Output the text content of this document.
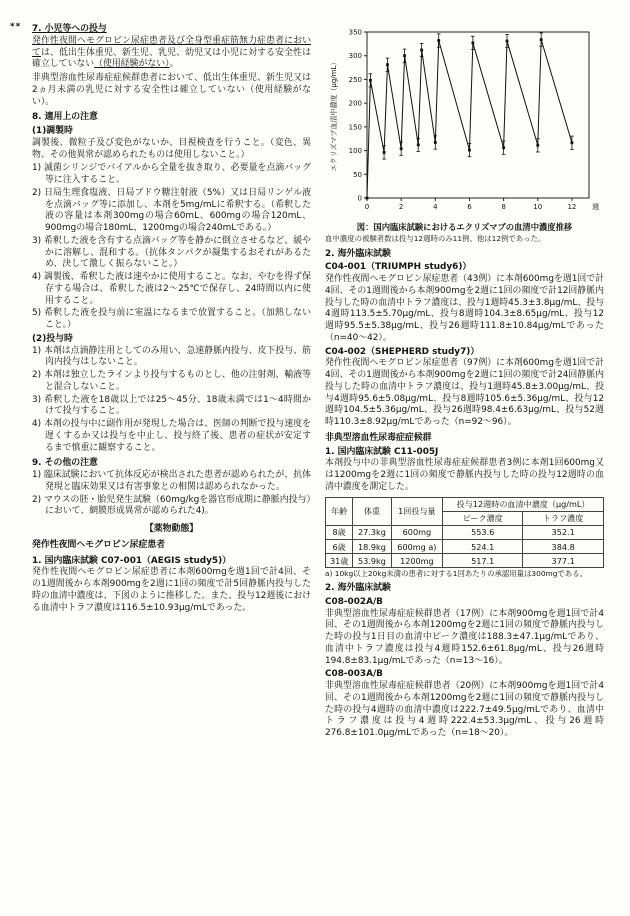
** 7. 小児等への投与

発作性夜間ヘモグロビン尿症患者及び全身型重症筋無力症患者においては、低出生体重児、新生児、乳児、幼児又は小児に対する安全性は確立していない（使用経験がない）。

非典型溶血性尿毒症症候群患者において、低出生体重児、新生児又は2ヵ月未満の乳児に対する安全性は確立していない（使用経験がない）。

8. 適用上の注意
(1)調製時

調製後、微粒子及び変色がないか、目視検査を行うこと。（変色、異物、その他異常が認められたものは使用しないこと。）

1) 滅菌シリンジでバイアルから全量を抜き取り、必要量を点滴バッグ等に注入すること。
2) 日局生理食塩液、日局ブドウ糖注射液（5%）又は日局リンゲル液を点滴バッグ等に添加し、本剤を5mg/mLに希釈する。（希釈した液の容量は本剤300mgの場合60mL、600mgの場合120mL、900mgの場合180mL、1200mgの場合240mLである。）
3) 希釈した液を含有する点滴バッグ等を静かに倒立させるなど、緩やかに溶解し、混和する。（抗体タンパクが凝集するおそれがあるため、決して激しく振らないこと。）
4) 調製後、希釈した液は速やかに使用すること。なお、やむを得ず保存する場合は、希釈した液は2～25℃で保存し、24時間以内に使用すること。
5) 希釈した液を投与前に室温になるまで放置すること。（加熱しないこと。）
(2)投与時
1) 本剤は点滴静注用としてのみ用い、急速静脈内投与、皮下投与、筋肉内投与はしないこと。
2) 本剤は独立したラインより投与するものとし、他の注射剤、輸液等と混合しないこと。
3) 希釈した液を18歳以上では25～45分、18歳未満では1～4時間かけて投与すること。
4) 本剤の投与中に副作用が発現した場合は、医師の判断で投与速度を遅くするか又は投与を中止し、投与終了後、患者の症状が安定するまで慎重に観察すること。
9. その他の注意
1) 臨床試験において抗体反応が検出された患者が認められたが、抗体発現と臨床効果又は有害事象との相関は認められなかった。
2) マウスの胚・胎児発生試験（60mg/kgを器官形成期に静脈内投与）において、網膜形成異常が認められた4)。
【薬物動態】
発作性夜間ヘモグロビン尿症患者
1. 国内臨床試験 C07-001（AEGIS study5)）

発作性夜間ヘモグロビン尿症患者に本剤600mgを週1回で計4回、その1週間後から本剤900mgを2週に1回の頻度で計5回静脈内投与した時の血清中濃度は、下図のように推移した。また、投与12週後における血清中トラフ濃度は116.5±10.93μg/mLであった。

0
50
100
150
200
250
300
350
0	2	4	6	8	10	12 週
エクリズマブ血清中濃度（μg/mL）
図：国内臨床試験におけるエクリズマブの血清中濃度推移
血中濃度の被験者数は投与12週時のみ11例、他は12例であった。
2. 海外臨床試験
C04-001（TRIUMPH study6)）

発作性夜間ヘモグロビン尿症患者（43例）に本剤600mgを週1回で計4回、その1週間後から本剤900mgを2週に1回の頻度で計12回静脈内投与した時の血清中トラフ濃度は、投与1週時45.3±3.8μg/mL、投与4週時113.5±5.70μg/mL、投与8週時104.3±8.65μg/mL、投与12週時95.5±5.38μg/mL、投与26週時111.8±10.84μg/mLであった（n=40～42）。

C04-002（SHEPHERD study7)）

発作性夜間ヘモグロビン尿症患者（97例）に本剤600mgを週1回で計4回、その1週間後から本剤900mgを2週に1回の頻度で計24回静脈内投与した時の血清中トラフ濃度は、投与1週時45.8±3.00μg/mL、投与4週時95.6±5.08μg/mL、投与8週時105.6±5.36μg/mL、投与12週時104.5±5.36μg/mL、投与26週時98.4±6.63μg/mL、投与52週時110.3±8.92μg/mLであった（n=92～96）。

非典型溶血性尿毒症症候群
1. 国内臨床試験 C11-005J

本剤投与中の非典型溶血性尿毒症症候群患者3例に本剤1回600mg又は1200mgを2週に1回の頻度で静脈内投与した時の投与12週時の血清中濃度を測定した。

年齢	体重	1回投与量	投与12週時の血清中濃度（μg/mL）	
			ピーク濃度	トラフ濃度
8歳	27.3kg	600mg	553.6	352.1
6歳	18.9kg	600mg a)	524.1	384.8
31歳	53.9kg	1200mg	517.1	377.1
a) 10kg以上20kg未満の患者に対する1回あたりの承認用量は300mgである。
2. 海外臨床試験
C08-002A/B

非典型溶血性尿毒症症候群患者（17例）に本剤900mgを週1回で計4回、その1週間後から本剤1200mgを2週に1回の頻度で静脈内投与した時の投与1日目の血清中ピーク濃度は188.3±47.1μg/mLであり、血清中トラフ濃度は投与4週時152.6±61.8μg/mL、投与26週時194.8±83.1μg/mLであった（n=13～16）。

C08-003A/B

非典型溶血性尿毒症症候群患者（20例）に本剤900mgを週1回で計4回、その1週間後から本剤1200mgを2週に1回の頻度で静脈内投与した時の投与4週時の血清中濃度は222.7±49.5μg/mLであり、血清中トラフ濃度は投与4週時222.4±53.3μg/mL、投与26週時276.8±101.0μg/mLであった（n=18～20）。
